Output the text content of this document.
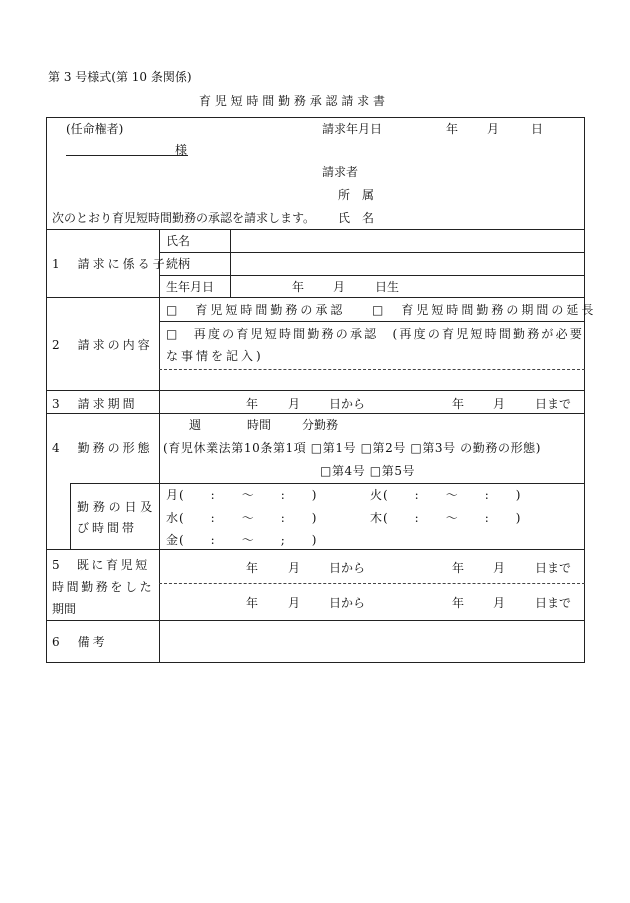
第 3 号様式(第 10 条関係)
育 児 短 時 間 勤 務 承 認 請 求 書
(任命権者)	請求年月日	年 月	日
様
請求者
所　属
次のとおり育児短時間勤務の承認を請求します。 氏　名
1　請求に係る子
氏名
続柄
生年月日	年 月 日生
2　請求の内容
□　育児短時間勤務の承認 □　育児短時間勤務の期間の延長
□　再度の育児短時間勤務の承認　(再度の育児短時間勤務が必要
な事情を記入)
3　請求期間	年 月 日から	年 月 日まで
4　勤務の形態
週	時間	分勤務
(育児休業法第10条第1項 □第1号 □第2号 □第3号 の勤務の形態)
□第4号 □第5号
勤 務 の 日 及
び時間帯
月(　　:　　〜　　:　　)	火(　　:　　〜　　:　　)
水(　　:　　〜　　:　　)	木(　　:　　〜　　:　　)
金(　　:　　〜　　;　　)
5　既に育児短
時間勤務をした
期間
年 月 日から	年 月 日まで
年 月 日から	年 月 日まで
6　備考
